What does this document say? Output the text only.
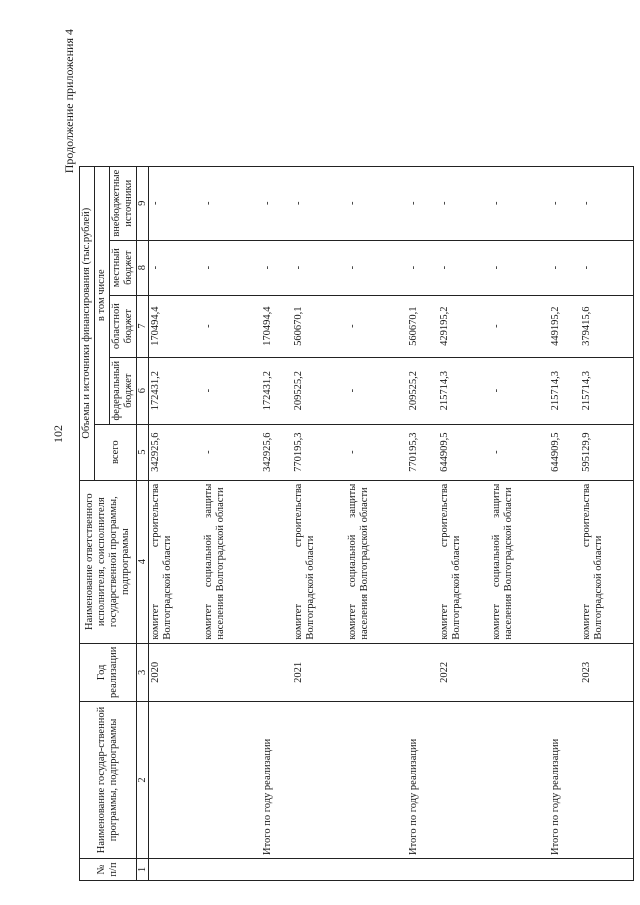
102
Продолжение приложения 4
№ п/п	Наименование государ-ственной программы, подпрограммы	Год реализации	Наименование ответственного исполнителя, соисполнителя государственной программы, подпрограммы	Объемы и источники финансирования (тыс.рублей)				
				всего	в том числе			
					федеральный бюджет	областной бюджет	местный бюджет	внебюджетные источники
1	2	3	4	5	6	7	8	9
		2020	комитет строительства Волгоградской области	342925,6	172431,2	170494,4	-	-
			комитет социальной защиты населения Волгоградской области	-	-	-	-	-
	Итого по году реализации			342925,6	172431,2	170494,4	-	-
		2021	комитет строительства Волгоградской области	770195,3	209525,2	560670,1	-	-
			комитет социальной защиты населения Волгоградской области	-	-	-	-	-
	Итого по году реализации			770195,3	209525,2	560670,1	-	-
		2022	комитет строительства Волгоградской области	644909,5	215714,3	429195,2	-	-
			комитет социальной защиты населения Волгоградской области	-	-	-	-	-
	Итого по году реализации			644909,5	215714,3	449195,2	-	-
		2023	комитет строительства Волгоградской области	595129,9	215714,3	379415,6	-	-
